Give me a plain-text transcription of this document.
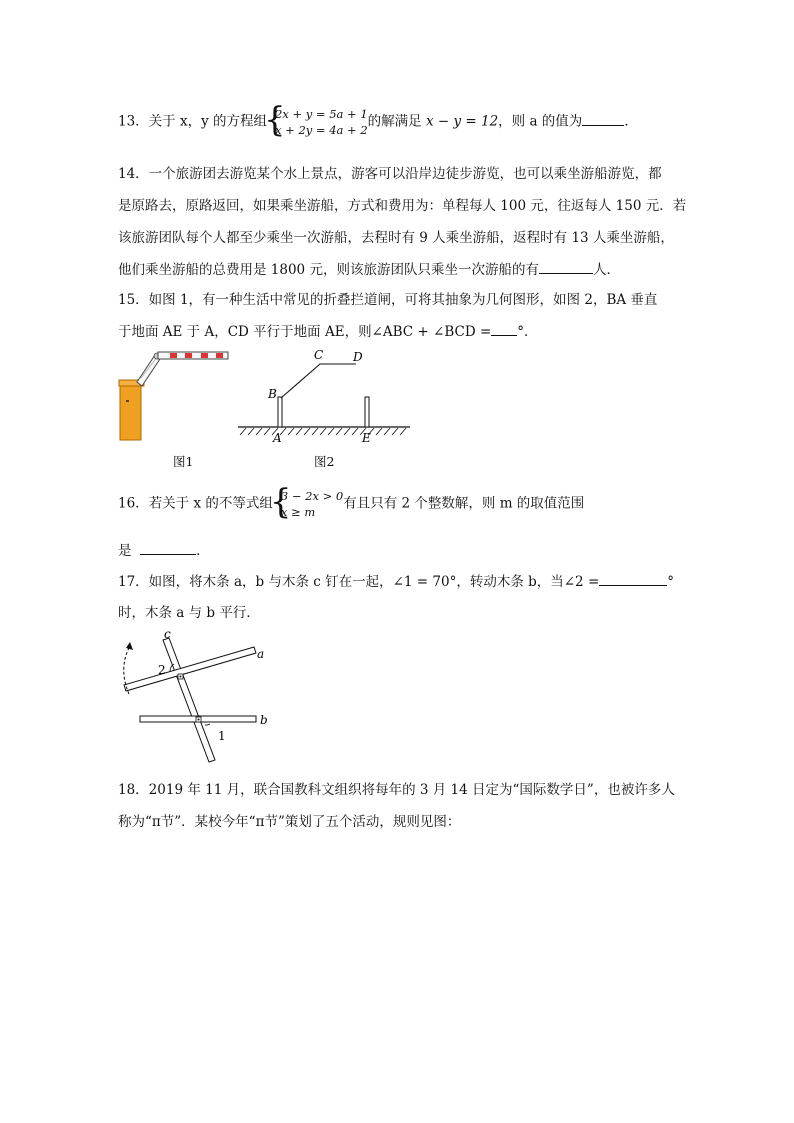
13．关于 x，y 的方程组 { 2x + y = 5a + 1
x + 2y = 4a + 2的解满足 x − y = 12，则 a 的值为	．
14．一个旅游团去游览某个水上景点，游客可以沿岸边徒步游览，也可以乘坐游船游览，都
是原路去，原路返回，如果乘坐游船，方式和费用为：单程每人 100 元，往返每人 150 元．若
该旅游团队每个人都至少乘坐一次游船，去程时有 9 人乘坐游船，返程时有 13 人乘坐游船，
他们乘坐游船的总费用是 1800 元，则该旅游团队只乘坐一次游船的有	人．
15．如图 1，有一种生活中常见的折叠拦道闸，可将其抽象为几何图形，如图 2，BA 垂直
于地面 AE 于 A，CD 平行于地面 AE，则∠ABC + ∠BCD = °．
图1
B
C D
A	E
图2
16．若关于 x 的不等式组 { 3 − 2x > 0
x ≥ m有且只有 2 个整数解，则 m 的取值范围
是	．
17．如图，将木条 a，b 与木条 c 钉在一起，∠1 = 70°，转动木条 b，当∠2 =	°
时，木条 a 与 b 平行．
c
a
b
2
1
18．2019 年 11 月，联合国教科文组织将每年的 3 月 14 日定为“国际数学日”，也被许多人
称为“π节”．某校今年“π节”策划了五个活动，规则见图：
